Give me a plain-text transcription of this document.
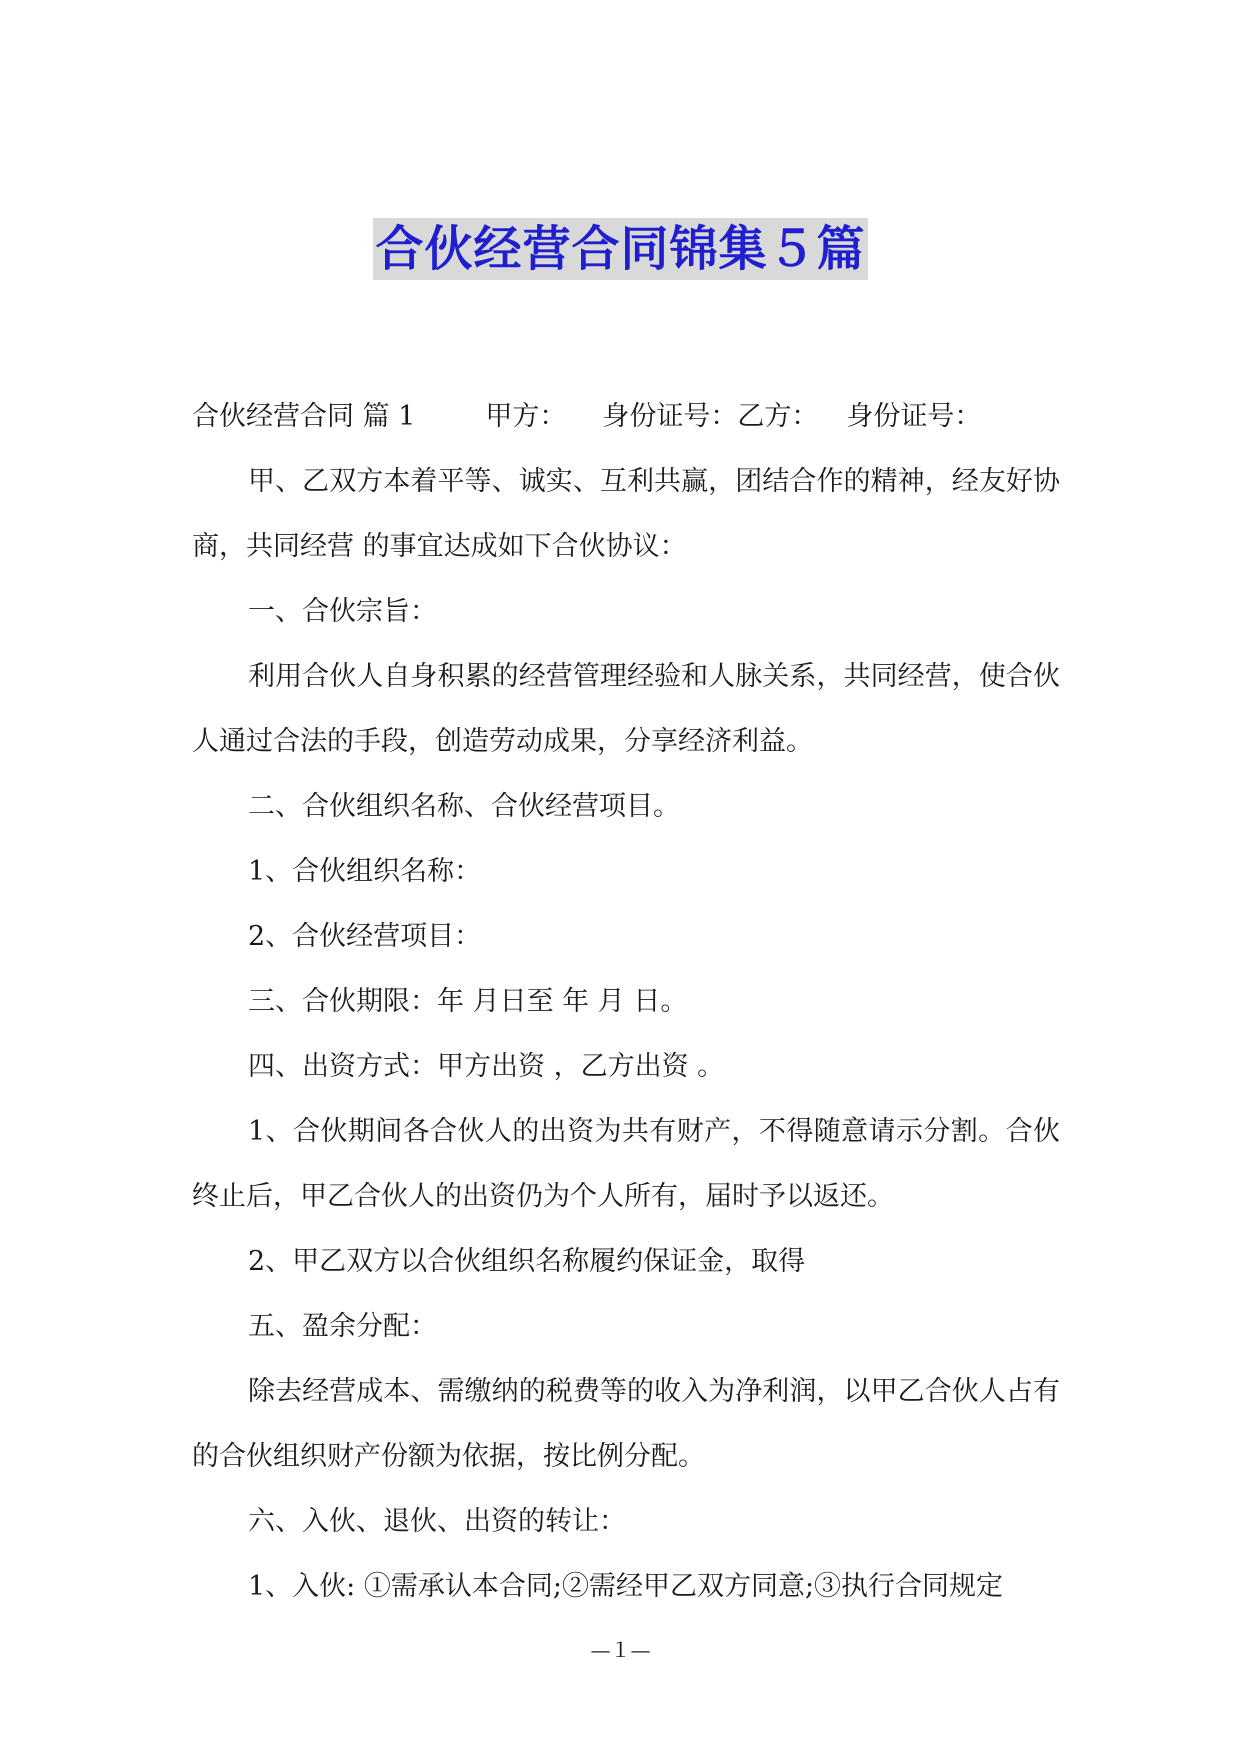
合伙经营合同锦集５篇

合伙经营合同 篇 1	甲方： 身份证号：乙方： 身份证号：

甲、乙双方本着平等、诚实、互利共赢，团结合作的精神，经友好协商，共同经营 的事宜达成如下合伙协议：

一、合伙宗旨：

利用合伙人自身积累的经营管理经验和人脉关系，共同经营，使合伙人通过合法的手段，创造劳动成果，分享经济利益。

二、合伙组织名称、合伙经营项目。

1、合伙组织名称：

2、合伙经营项目：

三、合伙期限：年 月日至 年 月 日。

四、出资方式：甲方出资 ，乙方出资 。

1、合伙期间各合伙人的出资为共有财产，不得随意请示分割。合伙终止后，甲乙合伙人的出资仍为个人所有，届时予以返还。

2、甲乙双方以合伙组织名称履约保证金，取得

五、盈余分配：

除去经营成本、需缴纳的税费等的收入为净利润，以甲乙合伙人占有的合伙组织财产份额为依据，按比例分配。

六、入伙、退伙、出资的转让：

1、入伙: ①需承认本合同;②需经甲乙双方同意;③执行合同规定

—１—
